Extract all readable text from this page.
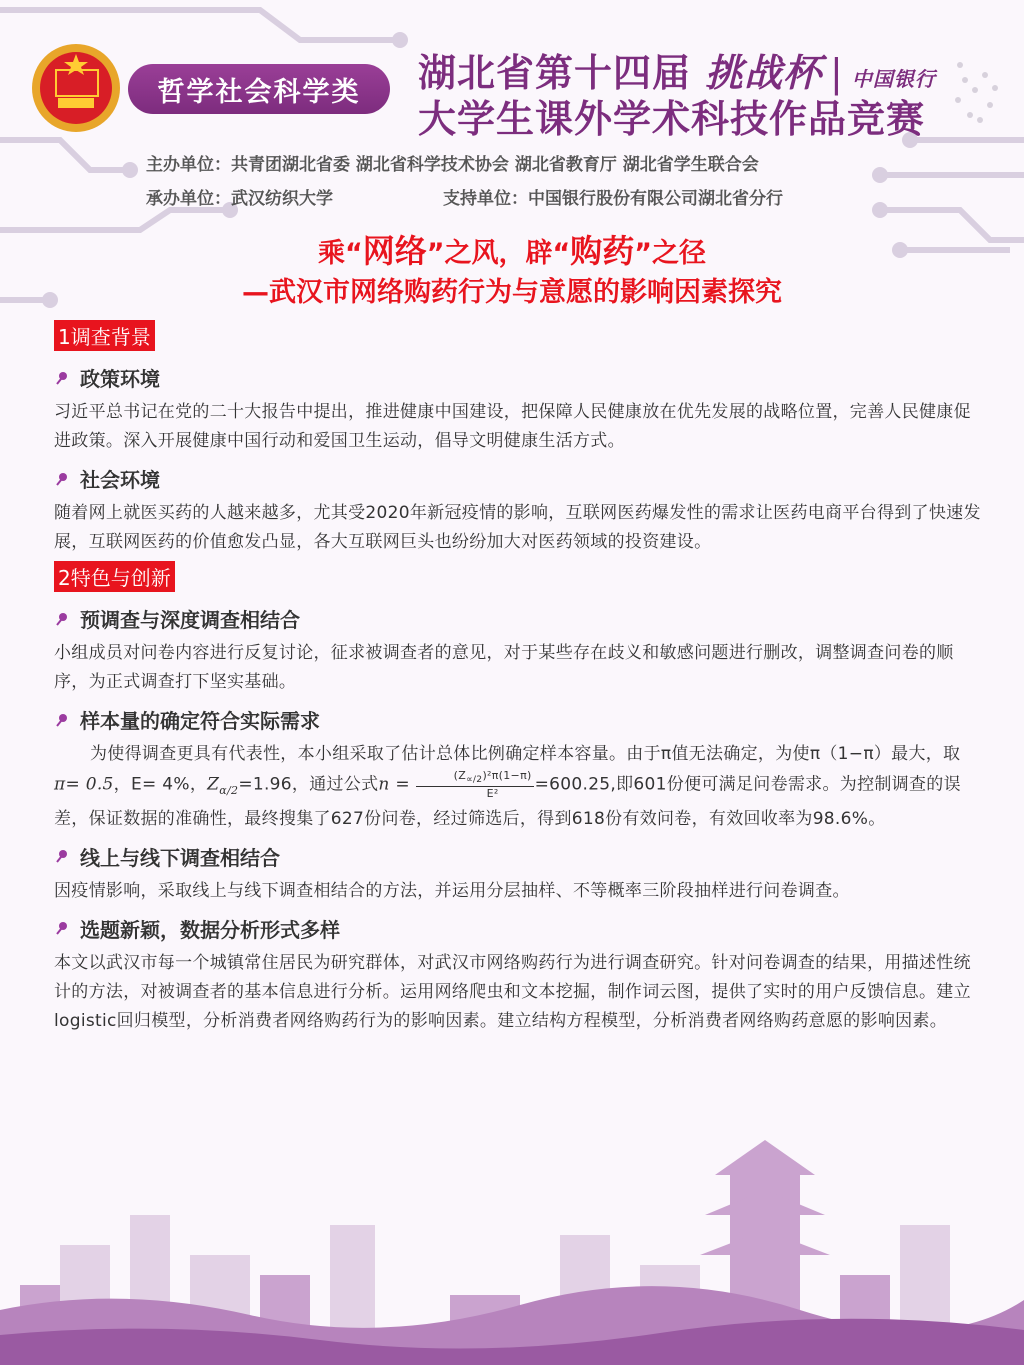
哲学社会科学类	湖北省第十四届 挑战杯 | 中国银行
大学生课外学术科技作品竞赛
主办单位：共青团湖北省委 湖北省科学技术协会 湖北省教育厅 湖北省学生联合会
承办单位：武汉纺织大学	支持单位：中国银行股份有限公司湖北省分行
乘“网络”之风，辟“购药”之径
—武汉市网络购药行为与意愿的影响因素探究
1调查背景
政策环境
习近平总书记在党的二十大报告中提出，推进健康中国建设，把保障人民健康放在优先发展的战略位置，完善人民健康促进政策。深入开展健康中国行动和爱国卫生运动，倡导文明健康生活方式。
社会环境
随着网上就医买药的人越来越多，尤其受2020年新冠疫情的影响，互联网医药爆发性的需求让医药电商平台得到了快速发展，互联网医药的价值愈发凸显，各大互联网巨头也纷纷加大对医药领域的投资建设。
2特色与创新
预调查与深度调查相结合
小组成员对问卷内容进行反复讨论，征求被调查者的意见，对于某些存在歧义和敏感问题进行删改，调整调查问卷的顺序，为正式调查打下坚实基础。
样本量的确定符合实际需求
为使得调查更具有代表性，本小组采取了估计总体比例确定样本容量。由于π值无法确定，为使π（1−π）最大，取π= 0.5，E= 4%，$Z_{\alpha/2}=1.96$，通过公式$n = \frac{(Z_{\propto/2})^2\pi(1-\pi)}{\text{E²}} =600.25$,即601份便可满足问卷需求。为控制调查的误差，保证数据的准确性，最终搜集了627份问卷，经过筛选后，得到618份有效问卷，有效回收率为98.6%。
线上与线下调查相结合
因疫情影响，采取线上与线下调查相结合的方法，并运用分层抽样、不等概率三阶段抽样进行问卷调查。
选题新颖，数据分析形式多样
本文以武汉市每一个城镇常住居民为研究群体，对武汉市网络购药行为进行调查研究。针对问卷调查的结果，用描述性统计的方法，对被调查者的基本信息进行分析。运用网络爬虫和文本挖掘，制作词云图，提供了实时的用户反馈信息。建立logistic回归模型，分析消费者网络购药行为的影响因素。建立结构方程模型，分析消费者网络购药意愿的影响因素。
